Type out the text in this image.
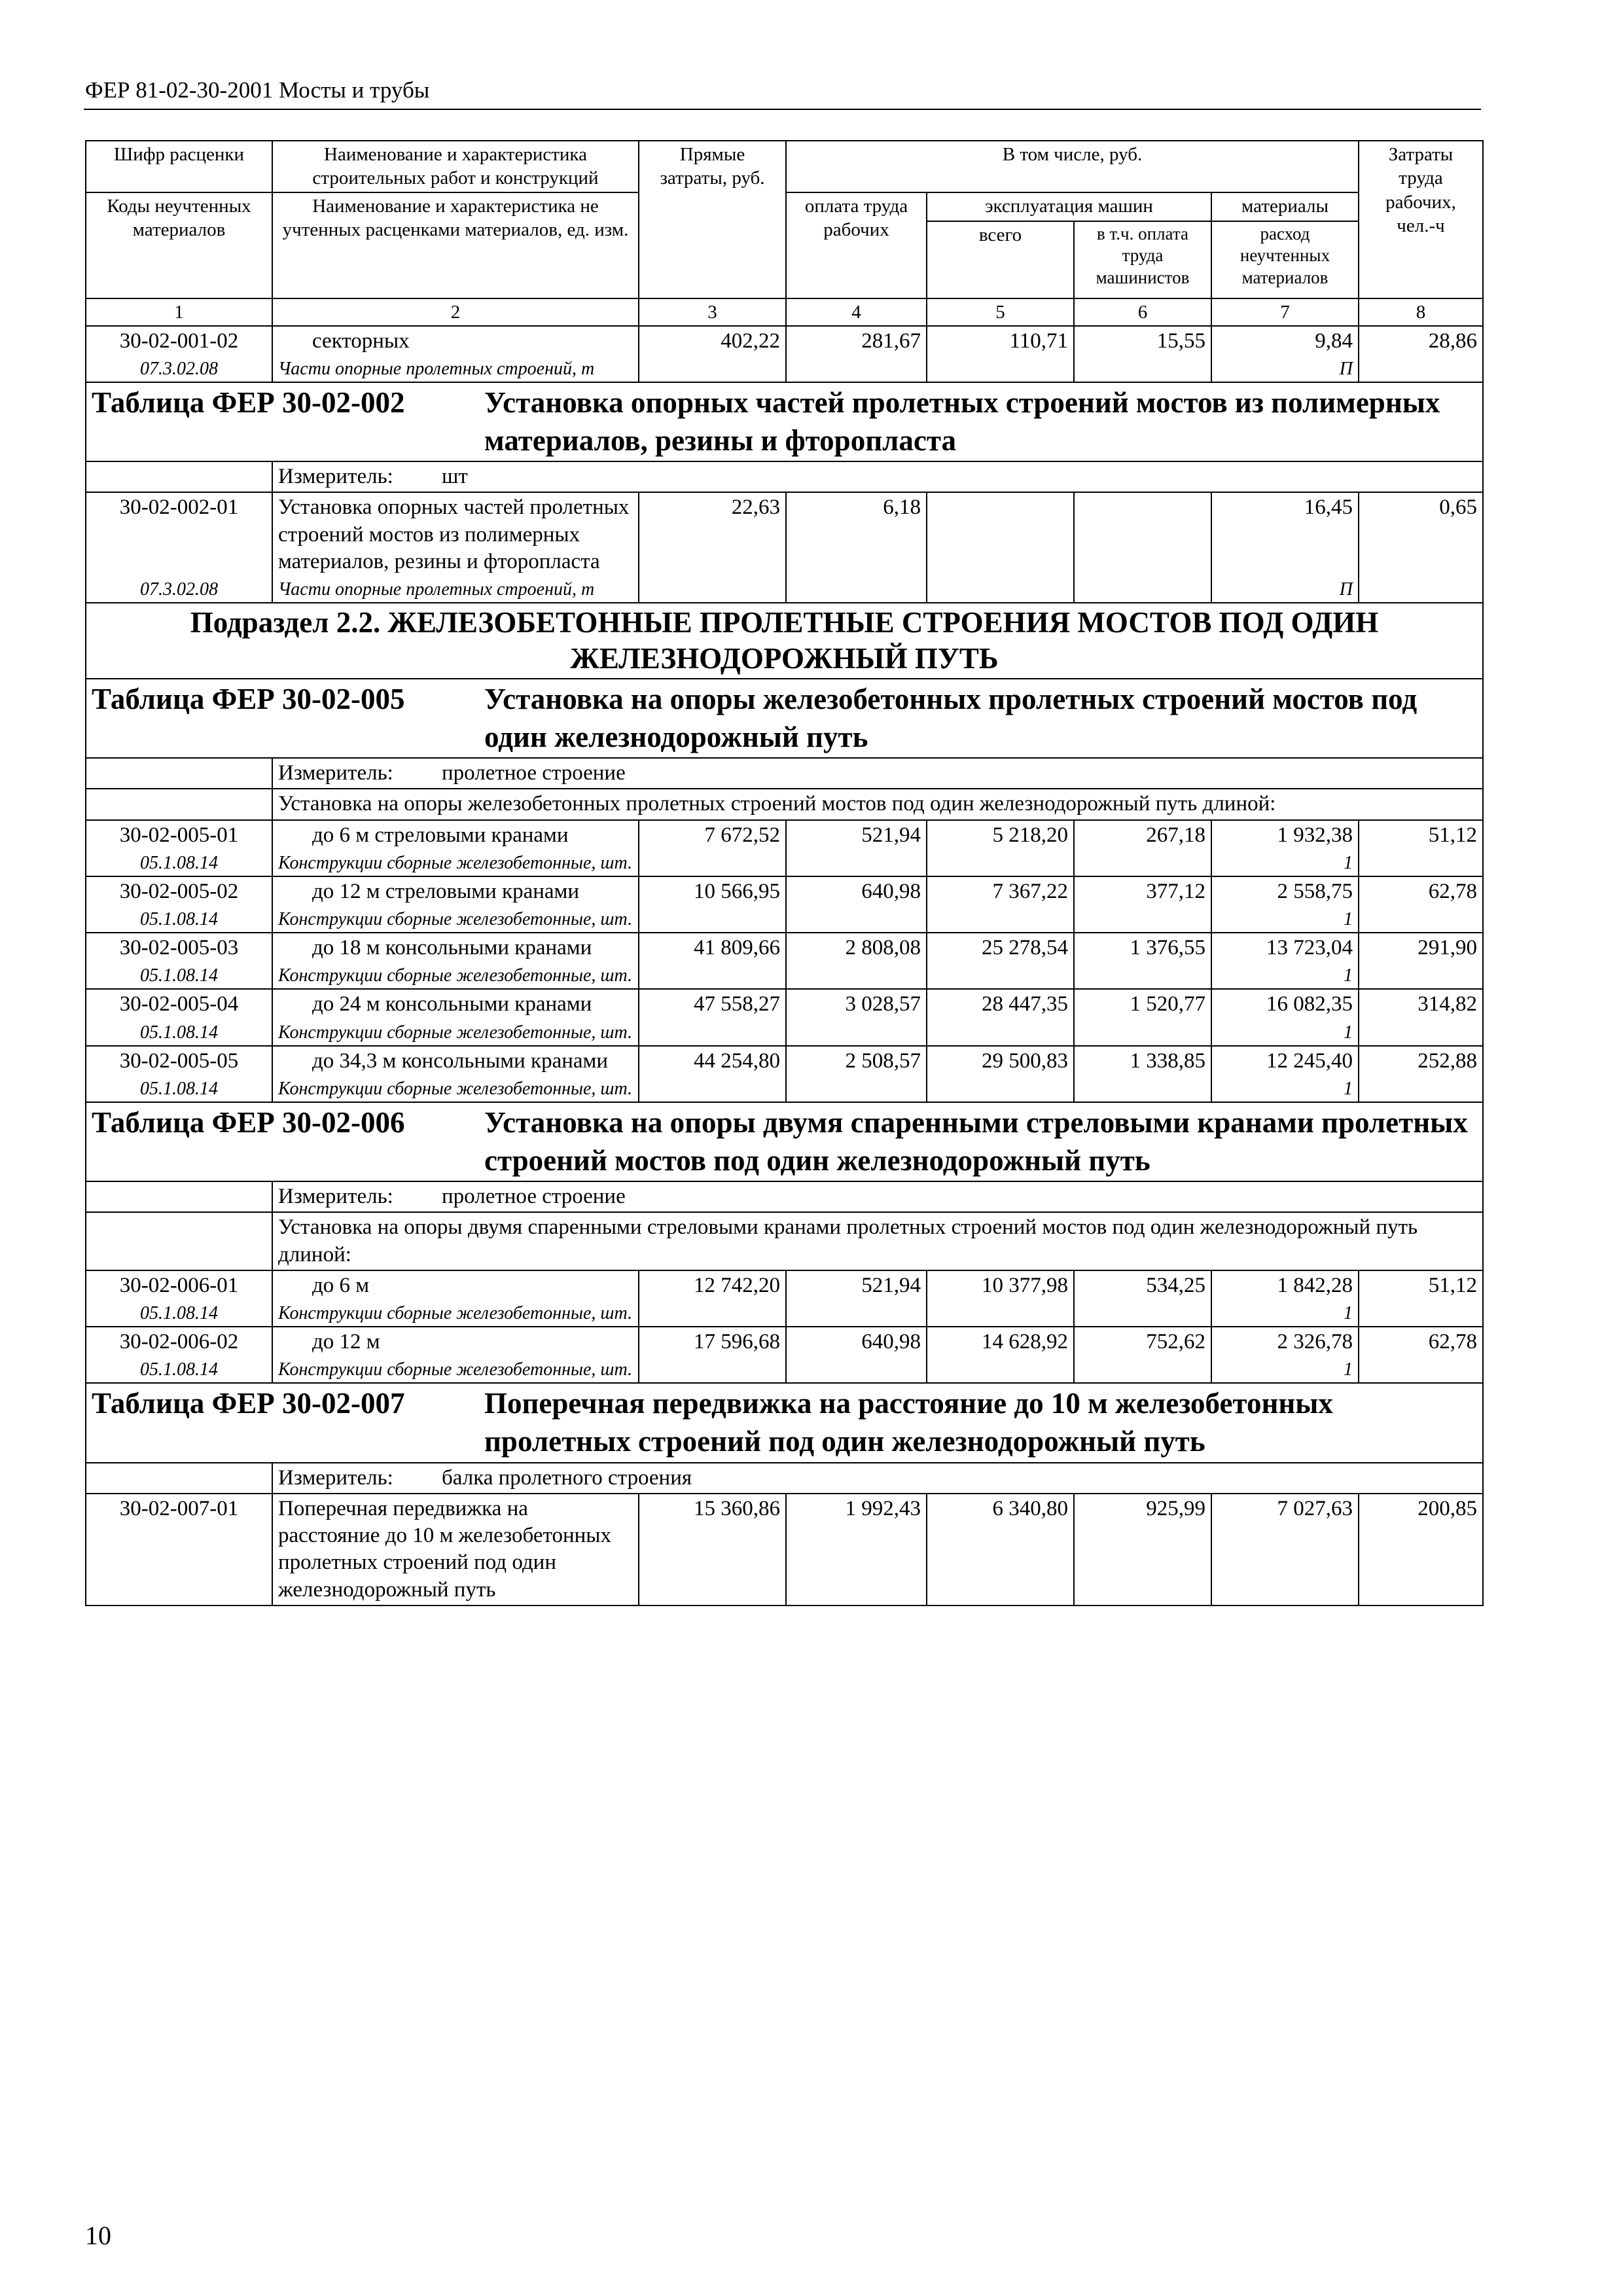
ФЕР 81-02-30-2001 Мосты и трубы
Шифр расценки	Наименование и характеристика строительных работ и конструкций	Прямые затраты, руб.	В том числе, руб.				Затраты труда рабочих, чел.-ч
Коды неучтенных материалов	Наименование и характеристика не учтенных расценками материалов, ед. изм.		оплата труда рабочих	эксплуатация машин		материалы	
				всего	в т.ч. оплата труда машинистов	расход неучтенных материалов	
1	2	3	4	5	6	7	8
30-02-001-02	секторных	402,22	281,67	110,71	15,55	9,84	28,86
07.3.02.08	Части опорные пролетных строений, т					П	

Таблица ФЕР 30-02-002 Установка опорных частей пролетных строений мостов из полимерных материалов, резины и фторопласта							

	Измеритель: шт						
30-02-002-01	Установка опорных частей пролетных строений мостов из полимерных материалов, резины и фторопласта	22,63	6,18			16,45	0,65
07.3.02.08	Части опорные пролетных строений, т					П	
Подраздел 2.2. ЖЕЛЕЗОБЕТОННЫЕ ПРОЛЕТНЫЕ СТРОЕНИЯ МОСТОВ ПОД ОДИН ЖЕЛЕЗНОДОРОЖНЫЙ ПУТЬ							

Таблица ФЕР 30-02-005 Установка на опоры железобетонных пролетных строений мостов под один железнодорожный путь							

	Измеритель: пролетное строение						
	Установка на опоры железобетонных пролетных строений мостов под один железнодорожный путь длиной:						
30-02-005-01	до 6 м стреловыми кранами	7 672,52	521,94	5 218,20	267,18	1 932,38	51,12
05.1.08.14	Конструкции сборные железобетонные, шт.					1	
30-02-005-02	до 12 м стреловыми кранами	10 566,95	640,98	7 367,22	377,12	2 558,75	62,78
05.1.08.14	Конструкции сборные железобетонные, шт.					1	
30-02-005-03	до 18 м консольными кранами	41 809,66	2 808,08	25 278,54	1 376,55	13 723,04	291,90
05.1.08.14	Конструкции сборные железобетонные, шт.					1	
30-02-005-04	до 24 м консольными кранами	47 558,27	3 028,57	28 447,35	1 520,77	16 082,35	314,82
05.1.08.14	Конструкции сборные железобетонные, шт.					1	
30-02-005-05	до 34,3 м консольными кранами	44 254,80	2 508,57	29 500,83	1 338,85	12 245,40	252,88
05.1.08.14	Конструкции сборные железобетонные, шт.					1	

Таблица ФЕР 30-02-006 Установка на опоры двумя спаренными стреловыми кранами пролетных строений мостов под один железнодорожный путь							

	Измеритель: пролетное строение						
	Установка на опоры двумя спаренными стреловыми кранами пролетных строений мостов под один железнодорожный путь длиной:						
30-02-006-01	до 6 м	12 742,20	521,94	10 377,98	534,25	1 842,28	51,12
05.1.08.14	Конструкции сборные железобетонные, шт.					1	
30-02-006-02	до 12 м	17 596,68	640,98	14 628,92	752,62	2 326,78	62,78
05.1.08.14	Конструкции сборные железобетонные, шт.					1	

Таблица ФЕР 30-02-007 Поперечная передвижка на расстояние до 10 м железобетонных пролетных строений под один железнодорожный путь							

	Измеритель: балка пролетного строения						
30-02-007-01	Поперечная передвижка на расстояние до 10 м железобетонных пролетных строений под один железнодорожный путь	15 360,86	1 992,43	6 340,80	925,99	7 027,63	200,85
10
